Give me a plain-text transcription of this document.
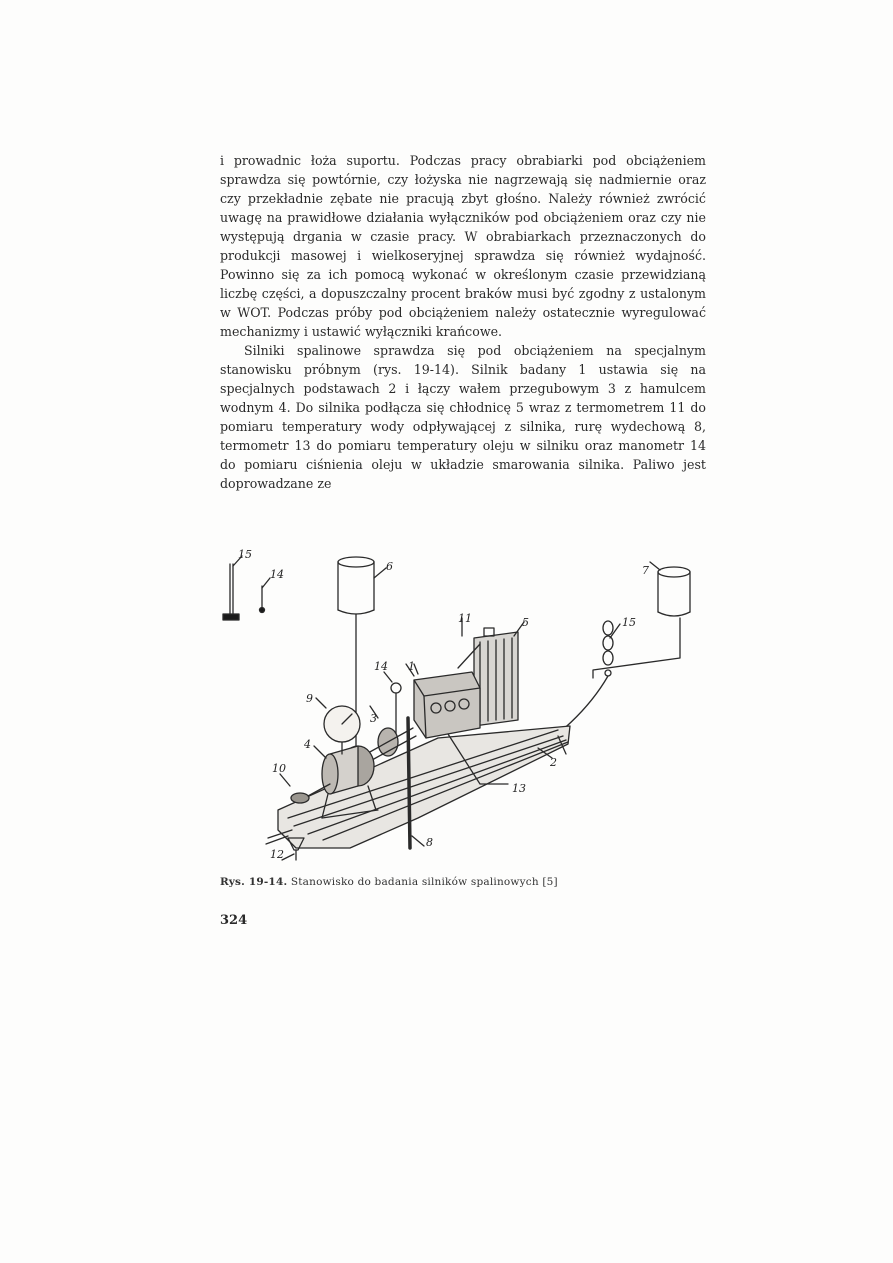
i prowadnic łoża suportu. Podczas pracy obrabiarki pod obciążeniem sprawdza się powtórnie, czy łożyska nie nagrzewają się nadmiernie oraz czy przekładnie zębate nie pracują zbyt głośno. Należy również zwrócić uwagę na prawidłowe działania wyłączników pod obciążeniem oraz czy nie występują drgania w czasie pracy. W obrabiarkach przeznaczonych do produkcji masowej i wielkoseryjnej sprawdza się również wydajność. Powinno się za ich pomocą wykonać w określonym czasie przewidzianą liczbę części, a dopuszczalny procent braków musi być zgodny z ustalonym w WOT. Podczas próby pod obciążeniem należy ostatecznie wyregulować mechanizmy i ustawić wyłączniki krańcowe.

Silniki spalinowe sprawdza się pod obciążeniem na specjalnym stanowisku próbnym (rys. 19-14). Silnik badany 1 ustawia się na specjalnych podstawach 2 i łączy wałem przegubowym 3 z hamulcem wodnym 4. Do silnika podłącza się chłodnicę 5 wraz z termometrem 11 do pomiaru temperatury wody odpływającej z silnika, rurę wydechową 8, termometr 13 do pomiaru temperatury oleju w silniku oraz manometr 14 do pomiaru ciśnienia oleju w układzie smarowania silnika. Paliwo jest doprowadzane ze

15
14
6	7
11	5	15
14 1
9
3
4
10	2
13
8
12
Rys. 19-14. Stanowisko do badania silników spalinowych [5]
324
